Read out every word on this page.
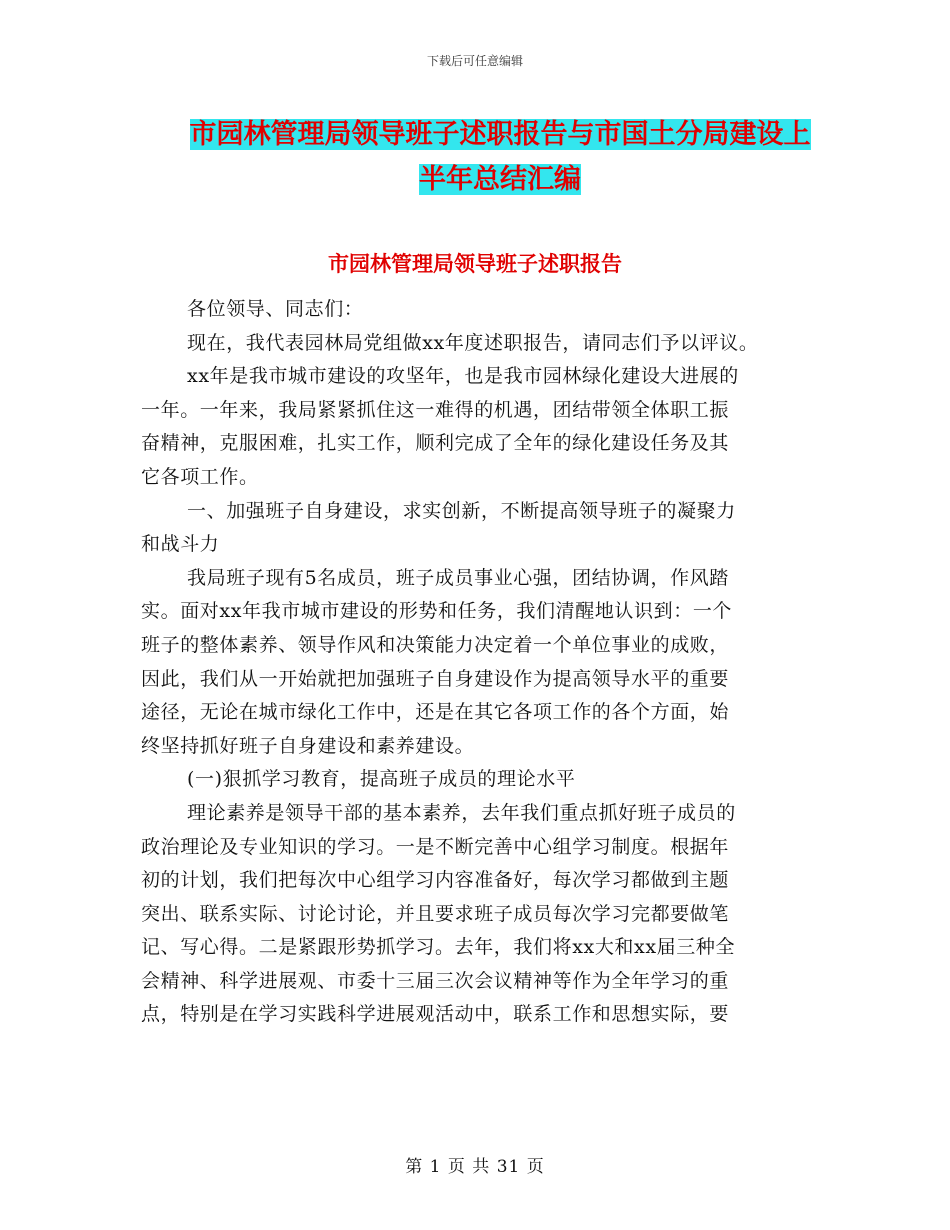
下载后可任意编辑
市园林管理局领导班子述职报告与市国土分局建设上
半年总结汇编
市园林管理局领导班子述职报告
各位领导、同志们：
现在，我代表园林局党组做xx年度述职报告，请同志们予以评议。
xx年是我市城市建设的攻坚年，也是我市园林绿化建设大进展的
一年。一年来，我局紧紧抓住这一难得的机遇，团结带领全体职工振
奋精神，克服困难，扎实工作，顺利完成了全年的绿化建设任务及其
它各项工作。
一、加强班子自身建设，求实创新，不断提高领导班子的凝聚力
和战斗力
我局班子现有5名成员，班子成员事业心强，团结协调，作风踏
实。面对xx年我市城市建设的形势和任务，我们清醒地认识到：一个
班子的整体素养、领导作风和决策能力决定着一个单位事业的成败，
因此，我们从一开始就把加强班子自身建设作为提高领导水平的重要
途径，无论在城市绿化工作中，还是在其它各项工作的各个方面，始
终坚持抓好班子自身建设和素养建设。
(一)狠抓学习教育，提高班子成员的理论水平
理论素养是领导干部的基本素养，去年我们重点抓好班子成员的
政治理论及专业知识的学习。一是不断完善中心组学习制度。根据年
初的计划，我们把每次中心组学习内容准备好，每次学习都做到主题
突出、联系实际、讨论讨论，并且要求班子成员每次学习完都要做笔
记、写心得。二是紧跟形势抓学习。去年，我们将xx大和xx届三种全
会精神、科学进展观、市委十三届三次会议精神等作为全年学习的重
点，特别是在学习实践科学进展观活动中，联系工作和思想实际，要
第 1 页 共 31 页
